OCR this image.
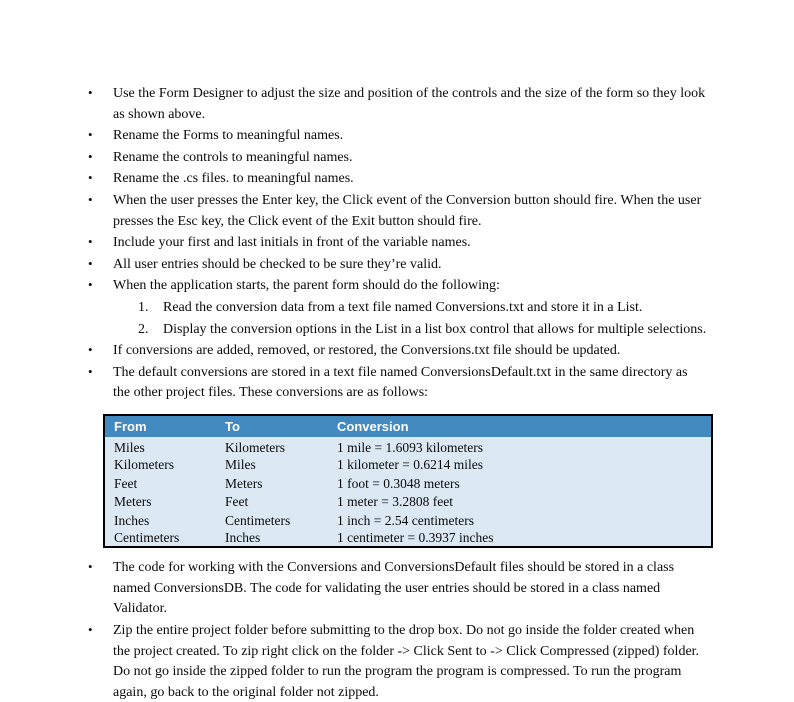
• Use the Form Designer to adjust the size and position of the controls and the size of the form so they look as shown above.
• Rename the Forms to meaningful names.
• Rename the controls to meaningful names.
• Rename the .cs files. to meaningful names.
• When the user presses the Enter key, the Click event of the Conversion button should fire. When the user presses the Esc key, the Click event of the Exit button should fire.
• Include your first and last initials in front of the variable names.
• All user entries should be checked to be sure they’re valid.
• When the application starts, the parent form should do the following:
1. Read the conversion data from a text file named Conversions.txt and store it in a List.
2. Display the conversion options in the List in a list box control that allows for multiple selections.
• If conversions are added, removed, or restored, the Conversions.txt file should be updated.
• The default conversions are stored in a text file named ConversionsDefault.txt in the same directory as the other project files. These conversions are as follows:
From	To	Conversion
Miles	Kilometers	1 mile = 1.6093 kilometers
Kilometers	Miles	1 kilometer = 0.6214 miles
Feet	Meters	1 foot = 0.3048 meters
Meters	Feet	1 meter = 3.2808 feet
Inches	Centimeters	1 inch = 2.54 centimeters
Centimeters	Inches	1 centimeter = 0.3937 inches
• The code for working with the Conversions and ConversionsDefault files should be stored in a class named ConversionsDB. The code for validating the user entries should be stored in a class named Validator.
• Zip the entire project folder before submitting to the drop box. Do not go inside the folder created when the project created. To zip right click on the folder -> Click Sent to -> Click Compressed (zipped) folder. Do not go inside the zipped folder to run the program the program is compressed. To run the program again, go back to the original folder not zipped.
